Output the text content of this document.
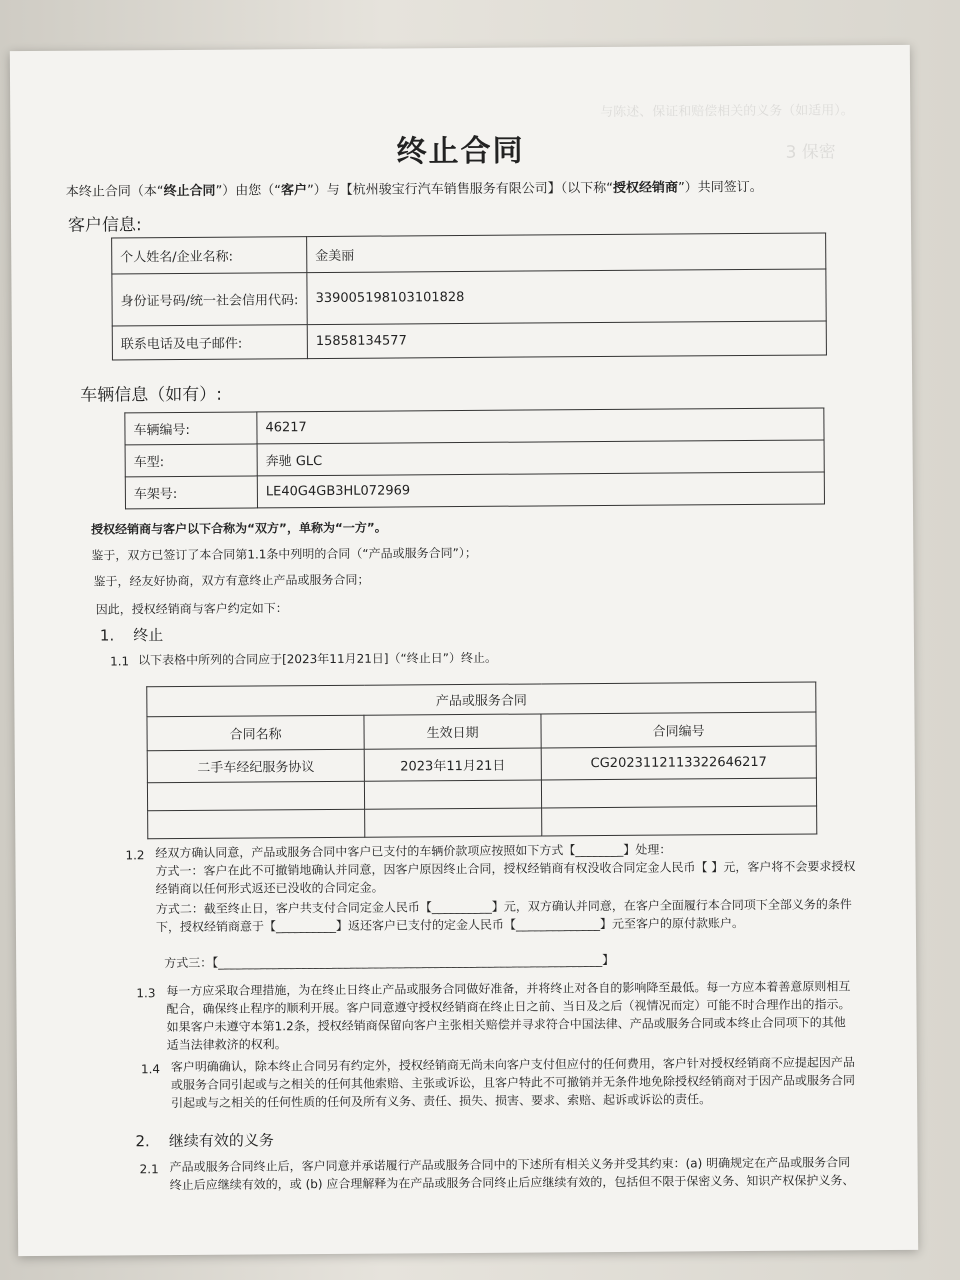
与陈述、保证和赔偿相关的义务（如适用）。
3 保密
终止合同
本终止合同（本“终止合同”）由您（“客户”）与【杭州骏宝行汽车销售服务有限公司】（以下称“授权经销商”）共同签订。
客户信息:
个人姓名/企业名称:	金美丽
身份证号码/统一社会信用代码:	339005198103101828
联系电话及电子邮件:	15858134577
车辆信息（如有）:
车辆编号:	46217
车型:	奔驰 GLC
车架号:	LE40G4GB3HL072969
授权经销商与客户以下合称为“双方”，单称为“一方”。
鉴于，双方已签订了本合同第1.1条中列明的合同（“产品或服务合同”）；
鉴于，经友好协商，双方有意终止产品或服务合同；
因此，授权经销商与客户约定如下：
1. 终止
1.1 以下表格中所列的合同应于[2023年11月21日]（“终止日”）终止。
产品或服务合同		
合同名称	生效日期	合同编号
二手车经纪服务协议	2023年11月21日	CG2023112113322646217

1.2 经双方确认同意，产品或服务合同中客户已支付的车辆价款项应按照如下方式【________】处理：
方式一：客户在此不可撤销地确认并同意，因客户原因终止合同，授权经销商有权没收合同定金人民币【 】元，客户将不会要求授权经销商以任何形式返还已没收的合同定金。
方式二：截至终止日，客户共支付合同定金人民币【__________】元，双方确认并同意，在客户全面履行本合同项下全部义务的条件下，授权经销商意于【__________】返还客户已支付的定金人民币【______________】元至客户的原付款账户。
方式三：【________________________________________________________________】
1.3 每一方应采取合理措施，为在终止日终止产品或服务合同做好准备，并将终止对各自的影响降至最低。每一方应本着善意原则相互配合，确保终止程序的顺利开展。客户同意遵守授权经销商在终止日之前、当日及之后（视情况而定）可能不时合理作出的指示。如果客户未遵守本第1.2条，授权经销商保留向客户主张相关赔偿并寻求符合中国法律、产品或服务合同或本终止合同项下的其他适当法律救济的权利。
1.4 客户明确确认，除本终止合同另有约定外，授权经销商无尚未向客户支付但应付的任何费用，客户针对授权经销商不应提起因产品或服务合同引起或与之相关的任何其他索赔、主张或诉讼，且客户特此不可撤销并无条件地免除授权经销商对于因产品或服务合同引起或与之相关的任何性质的任何及所有义务、责任、损失、损害、要求、索赔、起诉或诉讼的责任。
2. 继续有效的义务
2.1 产品或服务合同终止后，客户同意并承诺履行产品或服务合同中的下述所有相关义务并受其约束：(a) 明确规定在产品或服务合同终止后应继续有效的，或 (b) 应合理解释为在产品或服务合同终止后应继续有效的，包括但不限于保密义务、知识产权保护义务、
